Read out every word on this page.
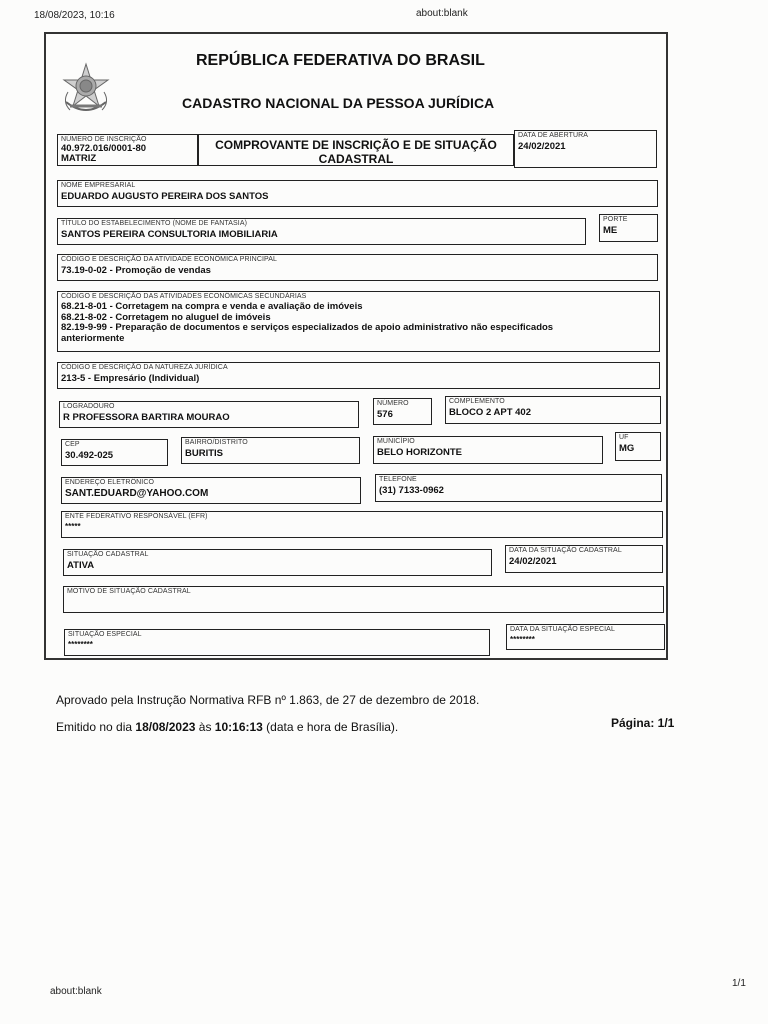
18/08/2023, 10:16	about:blank
REPÚBLICA FEDERATIVA DO BRASIL
CADASTRO NACIONAL DA PESSOA JURÍDICA
NÚMERO DE INSCRIÇÃO
40.972.016/0001-80
MATRIZ
COMPROVANTE DE INSCRIÇÃO E DE SITUAÇÃO
CADASTRAL
DATA DE ABERTURA
24/02/2021
NOME EMPRESARIAL
EDUARDO AUGUSTO PEREIRA DOS SANTOS
TÍTULO DO ESTABELECIMENTO (NOME DE FANTASIA)
SANTOS PEREIRA CONSULTORIA IMOBILIARIA
PORTE
ME
CÓDIGO E DESCRIÇÃO DA ATIVIDADE ECONÔMICA PRINCIPAL
73.19-0-02 - Promoção de vendas
CÓDIGO E DESCRIÇÃO DAS ATIVIDADES ECONÔMICAS SECUNDÁRIAS
68.21-8-01 - Corretagem na compra e venda e avaliação de imóveis
68.21-8-02 - Corretagem no aluguel de imóveis
82.19-9-99 - Preparação de documentos e serviços especializados de apoio administrativo não especificados
anteriormente
CÓDIGO E DESCRIÇÃO DA NATUREZA JURÍDICA
213-5 - Empresário (Individual)
LOGRADOURO
R PROFESSORA BARTIRA MOURAO
NÚMERO
576
COMPLEMENTO
BLOCO 2 APT 402
CEP
30.492-025
BAIRRO/DISTRITO
BURITIS
MUNICÍPIO
BELO HORIZONTE
UF
MG
ENDEREÇO ELETRÔNICO
SANT.EDUARD@YAHOO.COM
TELEFONE
(31) 7133-0962
ENTE FEDERATIVO RESPONSÁVEL (EFR)
*****
SITUAÇÃO CADASTRAL
ATIVA
DATA DA SITUAÇÃO CADASTRAL
24/02/2021
MOTIVO DE SITUAÇÃO CADASTRAL
SITUAÇÃO ESPECIAL
********
DATA DA SITUAÇÃO ESPECIAL
********
Aprovado pela Instrução Normativa RFB nº 1.863, de 27 de dezembro de 2018.
Emitido no dia 18/08/2023 às 10:16:13 (data e hora de Brasília).	Página: 1/1
about:blank
1/1
